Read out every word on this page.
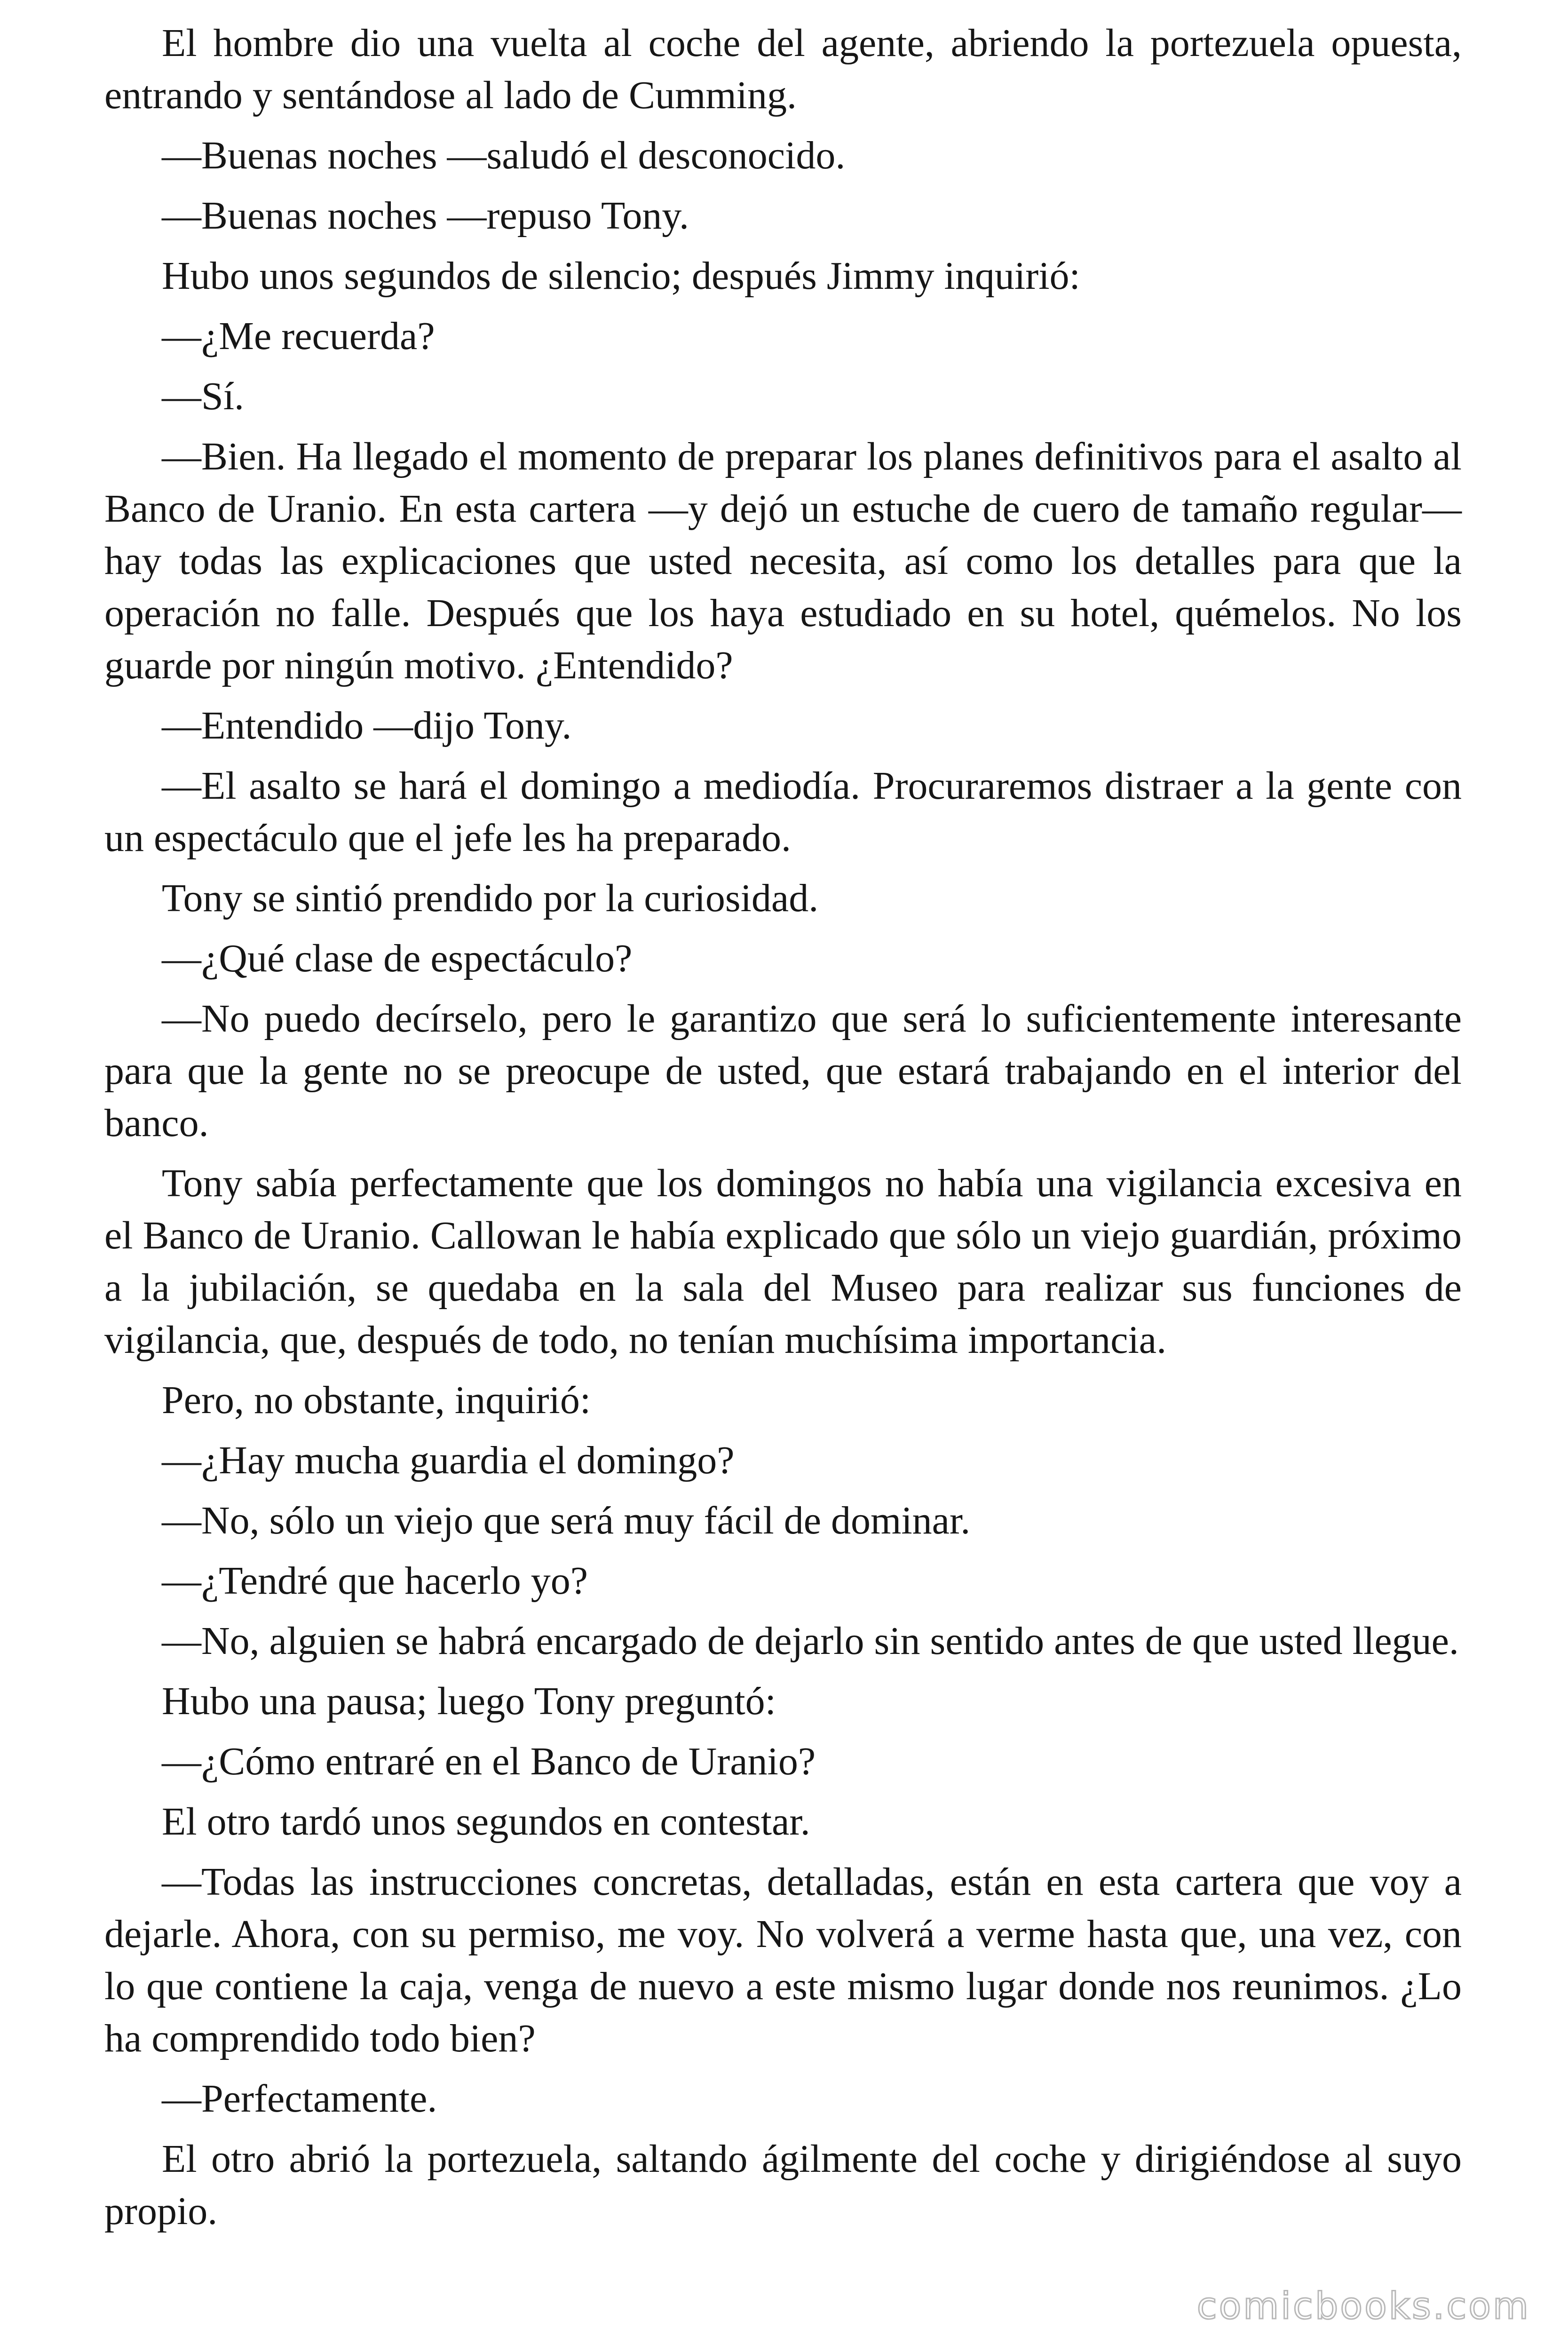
El hombre dio una vuelta al coche del agente, abriendo la portezuela opuesta, entrando y sentándose al lado de Cumming.

—Buenas noches —saludó el desconocido.

—Buenas noches —repuso Tony.

Hubo unos segundos de silencio; después Jimmy inquirió:

—¿Me recuerda?

—Sí.

—Bien. Ha llegado el momento de preparar los planes definitivos para el asalto al Banco de Uranio. En esta cartera —y dejó un estuche de cuero de tamaño regular— hay todas las explicaciones que usted necesita, así como los detalles para que la operación no falle. Después que los haya estudiado en su hotel, quémelos. No los guarde por ningún motivo. ¿Entendido?

—Entendido —dijo Tony.

—El asalto se hará el domingo a mediodía. Procuraremos distraer a la gente con un espectáculo que el jefe les ha preparado.

Tony se sintió prendido por la curiosidad.

—¿Qué clase de espectáculo?

—No puedo decírselo, pero le garantizo que será lo suficientemente interesante para que la gente no se preocupe de usted, que estará trabajando en el interior del banco.

Tony sabía perfectamente que los domingos no había una vigilancia excesiva en el Banco de Uranio. Callowan le había explicado que sólo un viejo guardián, próximo a la jubilación, se quedaba en la sala del Museo para realizar sus funciones de vigilancia, que, después de todo, no tenían muchísima importancia.

Pero, no obstante, inquirió:

—¿Hay mucha guardia el domingo?

—No, sólo un viejo que será muy fácil de dominar.

—¿Tendré que hacerlo yo?

—No, alguien se habrá encargado de dejarlo sin sentido antes de que usted llegue.

Hubo una pausa; luego Tony preguntó:

—¿Cómo entraré en el Banco de Uranio?

El otro tardó unos segundos en contestar.

—Todas las instrucciones concretas, detalladas, están en esta cartera que voy a dejarle. Ahora, con su permiso, me voy. No volverá a verme hasta que, una vez, con lo que contiene la caja, venga de nuevo a este mismo lugar donde nos reunimos. ¿Lo ha comprendido todo bien?

—Perfectamente.

El otro abrió la portezuela, saltando ágilmente del coche y dirigiéndose al suyo propio.

comicbooks.com
